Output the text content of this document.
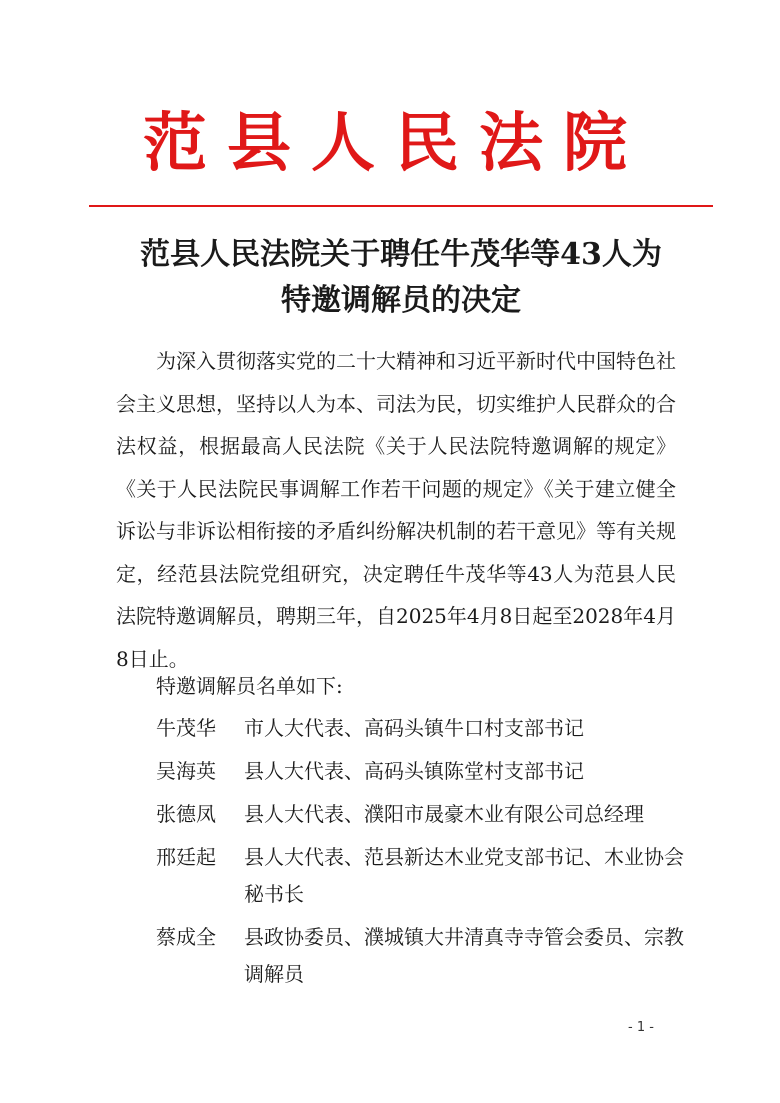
范县人民法院
范县人民法院关于聘任牛茂华等43人为
特邀调解员的决定

为深入贯彻落实党的二十大精神和习近平新时代中国特色社会主义思想，坚持以人为本、司法为民，切实维护人民群众的合法权益，根据最高人民法院《关于人民法院特邀调解的规定》《关于人民法院民事调解工作若干问题的规定》《关于建立健全诉讼与非诉讼相衔接的矛盾纠纷解决机制的若干意见》等有关规定，经范县法院党组研究，决定聘任牛茂华等43人为范县人民法院特邀调解员，聘期三年，自2025年4月8日起至2028年4月8日止。

特邀调解员名单如下:
牛茂华	市人大代表、高码头镇牛口村支部书记
吴海英	县人大代表、高码头镇陈堂村支部书记
张德凤	县人大代表、濮阳市晟豪木业有限公司总经理
邢廷起	县人大代表、范县新达木业党支部书记、木业协会秘书长
蔡成全	县政协委员、濮城镇大井清真寺寺管会委员、宗教调解员
- 1 -
